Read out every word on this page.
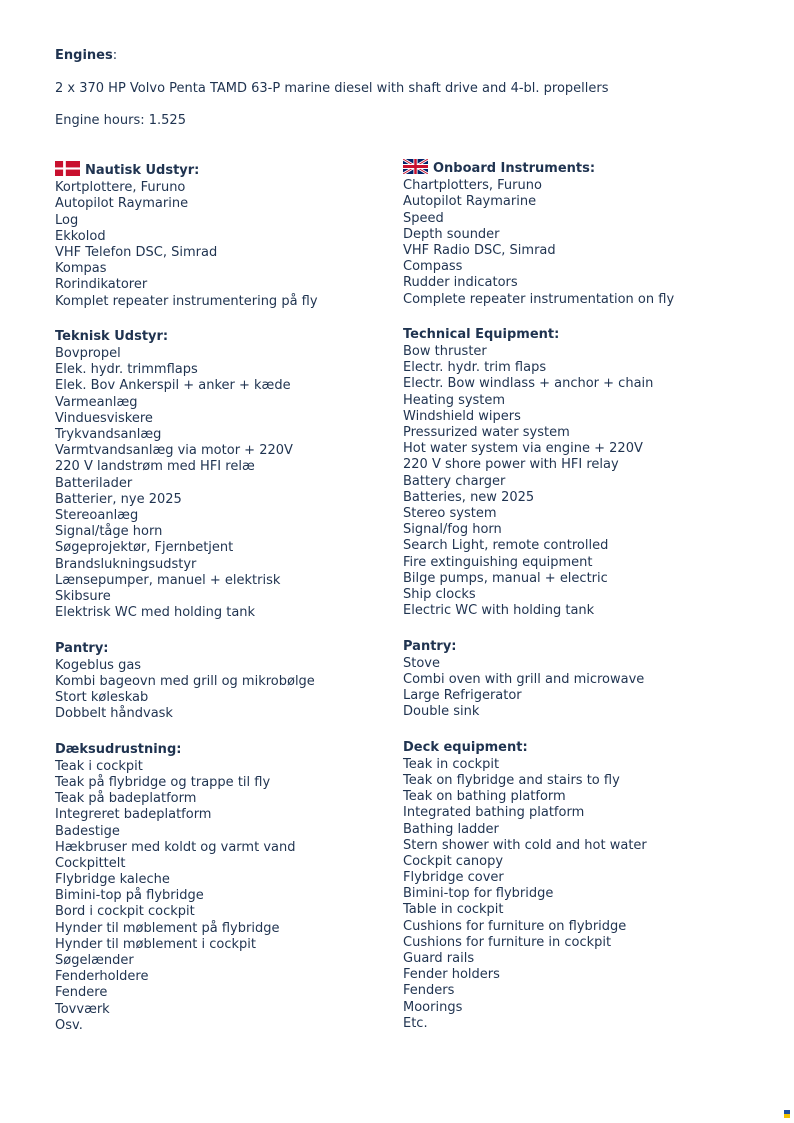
Engines:

2 x 370 HP Volvo Penta TAMD 63-P marine diesel with shaft drive and 4-bl. propellers

Engine hours: 1.525

Nautisk Udstyr:
Kortplottere, Furuno
Autopilot Raymarine
Log
Ekkolod
VHF Telefon DSC, Simrad
Kompas
Rorindikatorer
Komplet repeater instrumentering på fly
Teknisk Udstyr:
Bovpropel
Elek. hydr. trimmflaps
Elek. Bov Ankerspil + anker + kæde
Varmeanlæg
Vinduesviskere
Trykvandsanlæg
Varmtvandsanlæg via motor + 220V
220 V landstrøm med HFI relæ
Batterilader
Batterier, nye 2025
Stereoanlæg
Signal/tåge horn
Søgeprojektør, Fjernbetjent
Brandslukningsudstyr
Lænsepumper, manuel + elektrisk
Skibsure
Elektrisk WC med holding tank
Pantry:
Kogeblus gas
Kombi bageovn med grill og mikrobølge
Stort køleskab
Dobbelt håndvask
Dæksudrustning:
Teak i cockpit
Teak på flybridge og trappe til fly
Teak på badeplatform
Integreret badeplatform
Badestige
Hækbruser med koldt og varmt vand
Cockpittelt
Flybridge kaleche
Bimini-top på flybridge
Bord i cockpit cockpit
Hynder til møblement på flybridge
Hynder til møblement i cockpit
Søgelænder
Fenderholdere
Fendere
Tovværk
Osv.
Onboard Instruments:
Chartplotters, Furuno
Autopilot Raymarine
Speed
Depth sounder
VHF Radio DSC, Simrad
Compass
Rudder indicators
Complete repeater instrumentation on fly
Technical Equipment:
Bow thruster
Electr. hydr. trim flaps
Electr. Bow windlass + anchor + chain
Heating system
Windshield wipers
Pressurized water system
Hot water system via engine + 220V
220 V shore power with HFI relay
Battery charger
Batteries, new 2025
Stereo system
Signal/fog horn
Search Light, remote controlled
Fire extinguishing equipment
Bilge pumps, manual + electric
Ship clocks
Electric WC with holding tank
Pantry:
Stove
Combi oven with grill and microwave
Large Refrigerator
Double sink
Deck equipment:
Teak in cockpit
Teak on flybridge and stairs to fly
Teak on bathing platform
Integrated bathing platform
Bathing ladder
Stern shower with cold and hot water
Cockpit canopy
Flybridge cover
Bimini-top for flybridge
Table in cockpit
Cushions for furniture on flybridge
Cushions for furniture in cockpit
Guard rails
Fender holders
Fenders
Moorings
Etc.
